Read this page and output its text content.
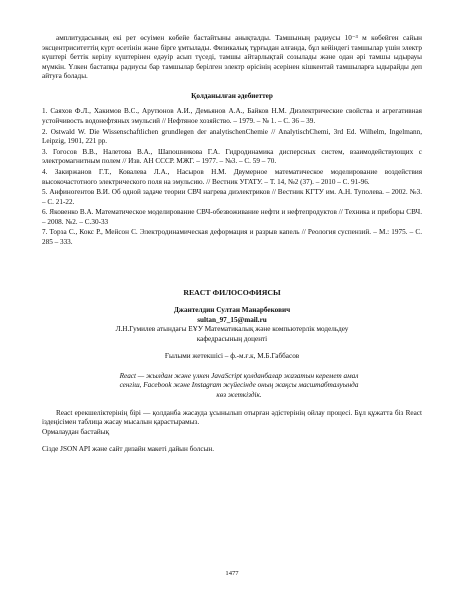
амплитудасының екі рет өсуімен көбейе бастайтыны анықталды. Тамшының радиусы 10⁻³ м көбейген сайын эксцентриситеттің күрт өсетінін және бірге ұмтылады. Физикалық тұрғыдан алғанда, бұл кейіндегі тамшылар үшін электр күштері беттік керілу күштерінен едәуір асып түседі, тамшы айтарлықтай созылады және одан әрі тамшы ыдырауы мүмкін. Үлкен бастапқы радиусы бар тамшылар берілген электр өрісінің әсерінен кішкентай тамшыларға ыдырайды деп айтуға болады.

Қолданылған әдебиеттер

1. Саяхов Ф.Л., Хакимов В.С., Арутюнов А.И., Демьянов А.А., Байков Н.М. Диэлектрические свойства и агрегативная устойчивость водонефтяных эмульсий // Нефтяное хозяйство. – 1979. – № 1. – С. 36 – 39.

2. Ostwald W. Die Wissenschaftlichen grundlegen der analytischenChemie // AnalytischChemi, 3rd Ed. Wilhelm, Ingelmann, Leipzig, 1901, 221 pp.

3. Гогосов В.В., Налетова В.А., Шапошникова Г.А. Гидродинамика дисперсных систем, взаимодействующих с электромагнитным полем // Изв. АН СССР. МЖГ. – 1977. – №3. – С. 59 – 70.

4. Закиржанов Г.Т., Ковалева Л.А., Насыров Н.М. Двумерное математическое моделирование воздействия высокочастотного электрического поля на эмульсию. // Вестник УГАТУ. – Т. 14, №2 (37). – 2010 – С. 91-96.

5. Анфиногентов В.И. Об одной задаче теории СВЧ нагрева диэлектриков // Вестник КГТУ им. А.Н. Туполева. – 2002. №3. – С. 21-22.

6. Яковенко В.А. Математическое моделирование СВЧ-обезвоживание нефти и нефтепродуктов // Техника и приборы СВЧ. – 2008. №2. – С.30-33

7. Торза С., Кокс Р., Мейсон С. Электродинамическая деформация и разрыв капель // Реология суспензий. – М.: 1975. – С. 285 – 333.

REACT ФИЛОСОФИЯСЫ

Джантелдин Султан Манарбекович

sultan_97_15@mail.ru

Л.Н.Гумилев атындағы ЕҰУ Математикалық және компьютерлік модельдеу кафедрасының доценті

Ғылыми жетекшісі – ф.-м.ғ.к, М.Б.Габбасов

React — жылдам және үлкен JavaScript қолданбалар жазатын керемет амал сенгіш, Facebook және Instagram жүйесінде оның жақсы масштабталуында көз жеткіздік.

React ерекшеліктерінің бірі — қолданба жасауда ұсынылып отырған әдістерінің ойлау процесі. Бұл құжатта біз React іздеңісімен таблица жасау мысалын қарастырамыз.

Ормалаудан бастайық

Сізде JSON API және сайт дизайн макеті дайын болсын.

1477
